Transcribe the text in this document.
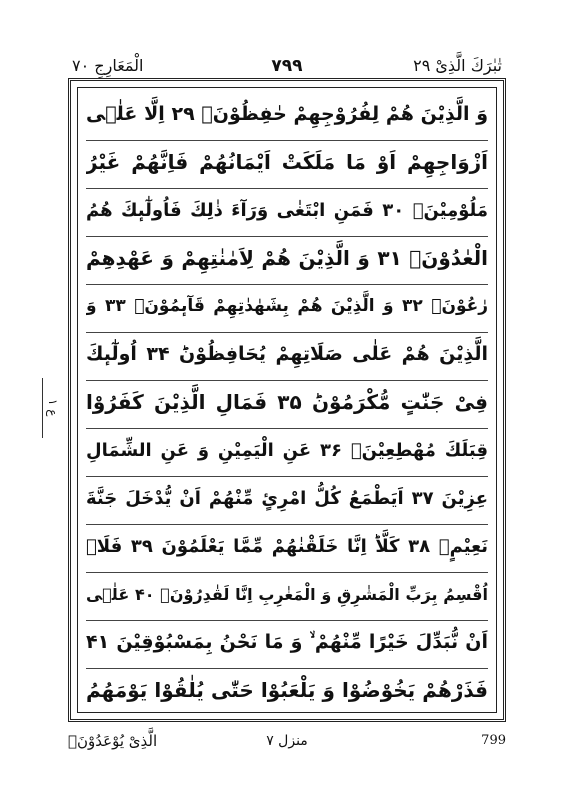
تٰبٰرَكَ الَّذِیْ ۲۹
۷۹۹
الْمَعَارِجِ ۷۰
وَ الَّذِیْنَ هُمْ لِفُرُوْجِهِمْ حٰفِظُوْنَۙ ۲۹ اِلَّا عَلٰۤی
اَزْوَاجِهِمْ اَوْ مَا مَلَكَتْ اَیْمَانُهُمْ فَاِنَّهُمْ غَیْرُ
مَلُوْمِیْنَۚ ۳۰ فَمَنِ ابْتَغٰی وَرَآءَ ذٰلِكَ فَاُولٰٓىٕكَ هُمُ
الْعٰدُوْنَۚ ۳۱ وَ الَّذِیْنَ هُمْ لِاَمٰنٰتِهِمْ وَ عَهْدِهِمْ
رٰعُوْنَۙ ۳۲ وَ الَّذِیْنَ هُمْ بِشَهٰدٰتِهِمْ قَآىٕمُوْنَۙ ۳۳ وَ
الَّذِیْنَ هُمْ عَلٰی صَلَاتِهِمْ یُحَافِظُوْنَؕ ۳۴ اُولٰٓىٕكَ
فِیْ جَنّٰتٍ مُّكْرَمُوْنَؕ ۳۵ فَمَالِ الَّذِیْنَ كَفَرُوْا
قِبَلَكَ مُهْطِعِیْنَۙ ۳۶ عَنِ الْیَمِیْنِ وَ عَنِ الشِّمَالِ
عِزِیْنَ ۳۷ اَیَطْمَعُ كُلُّ امْرِئٍ مِّنْهُمْ اَنْ یُّدْخَلَ جَنَّةَ
نَعِیْمٍۙ ۳۸ كَلَّاؕ اِنَّا خَلَقْنٰهُمْ مِّمَّا یَعْلَمُوْنَ ۳۹ فَلَاۤ
اُقْسِمُ بِرَبِّ الْمَشٰرِقِ وَ الْمَغٰرِبِ اِنَّا لَقٰدِرُوْنَۙ ۴۰ عَلٰۤی
اَنْ نُّبَدِّلَ خَیْرًا مِّنْهُمْ ۙ وَ مَا نَحْنُ بِمَسْبُوْقِیْنَ ۴۱
فَذَرْهُمْ یَخُوْضُوْا وَ یَلْعَبُوْا حَتّٰی یُلٰقُوْا یَوْمَهُمُ
ع ۱
الَّذِیْ یُوْعَدُوْنَۙ	منزل ۷	799
